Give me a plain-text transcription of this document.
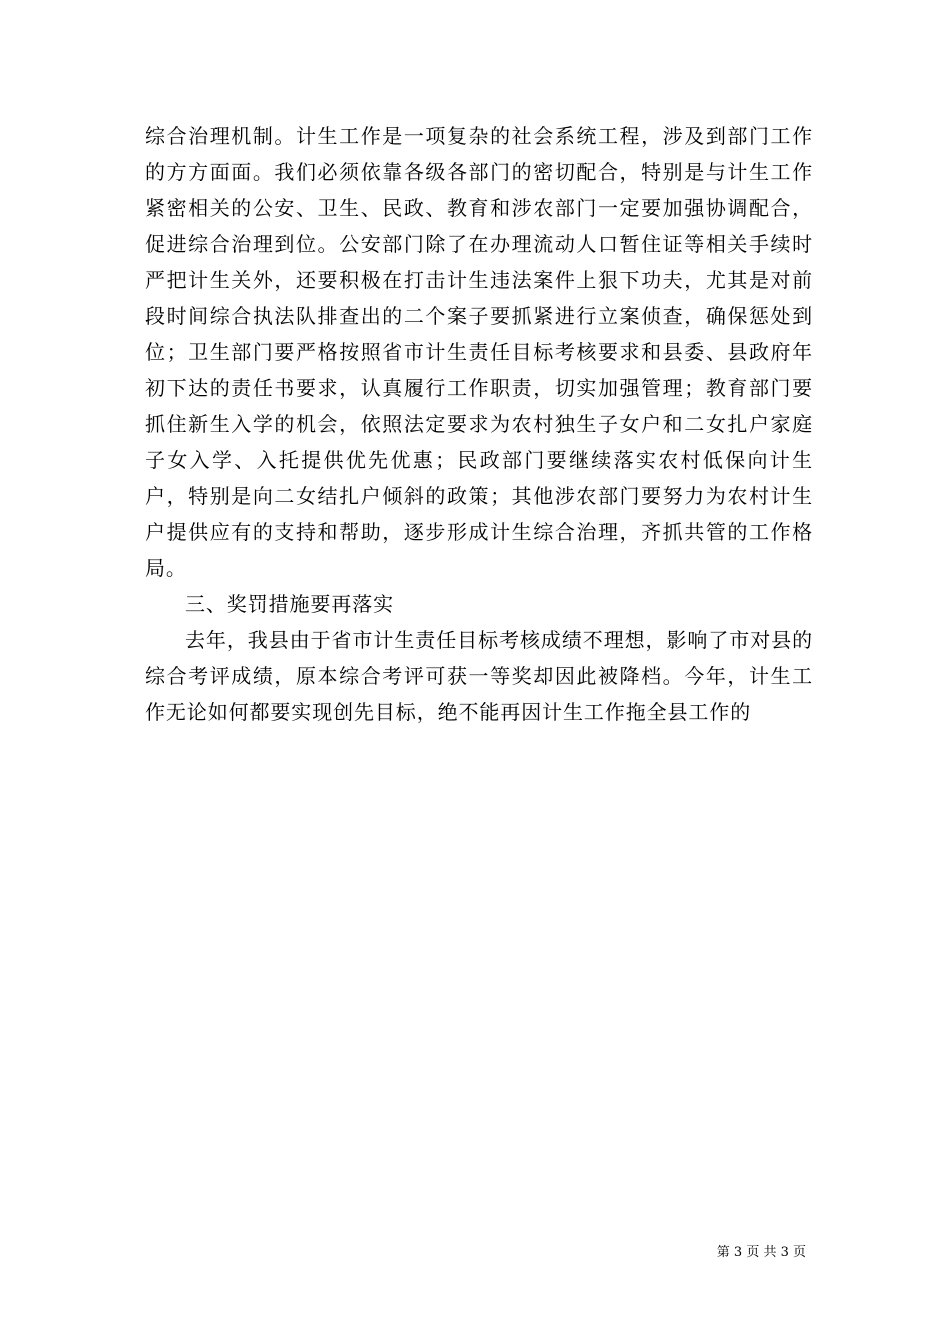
综合治理机制。计生工作是一项复杂的社会系统工程，涉及到部门工作的方方面面。我们必须依靠各级各部门的密切配合，特别是与计生工作紧密相关的公安、卫生、民政、教育和涉农部门一定要加强协调配合，促进综合治理到位。公安部门除了在办理流动人口暂住证等相关手续时严把计生关外，还要积极在打击计生违法案件上狠下功夫，尤其是对前段时间综合执法队排查出的二个案子要抓紧进行立案侦查，确保惩处到位；卫生部门要严格按照省市计生责任目标考核要求和县委、县政府年初下达的责任书要求，认真履行工作职责，切实加强管理；教育部门要抓住新生入学的机会，依照法定要求为农村独生子女户和二女扎户家庭子女入学、入托提供优先优惠；民政部门要继续落实农村低保向计生户，特别是向二女结扎户倾斜的政策；其他涉农部门要努力为农村计生户提供应有的支持和帮助，逐步形成计生综合治理，齐抓共管的工作格局。

三、奖罚措施要再落实

去年，我县由于省市计生责任目标考核成绩不理想，影响了市对县的综合考评成绩，原本综合考评可获一等奖却因此被降档。今年，计生工作无论如何都要实现创先目标，绝不能再因计生工作拖全县工作的

第 3 页 共 3 页
